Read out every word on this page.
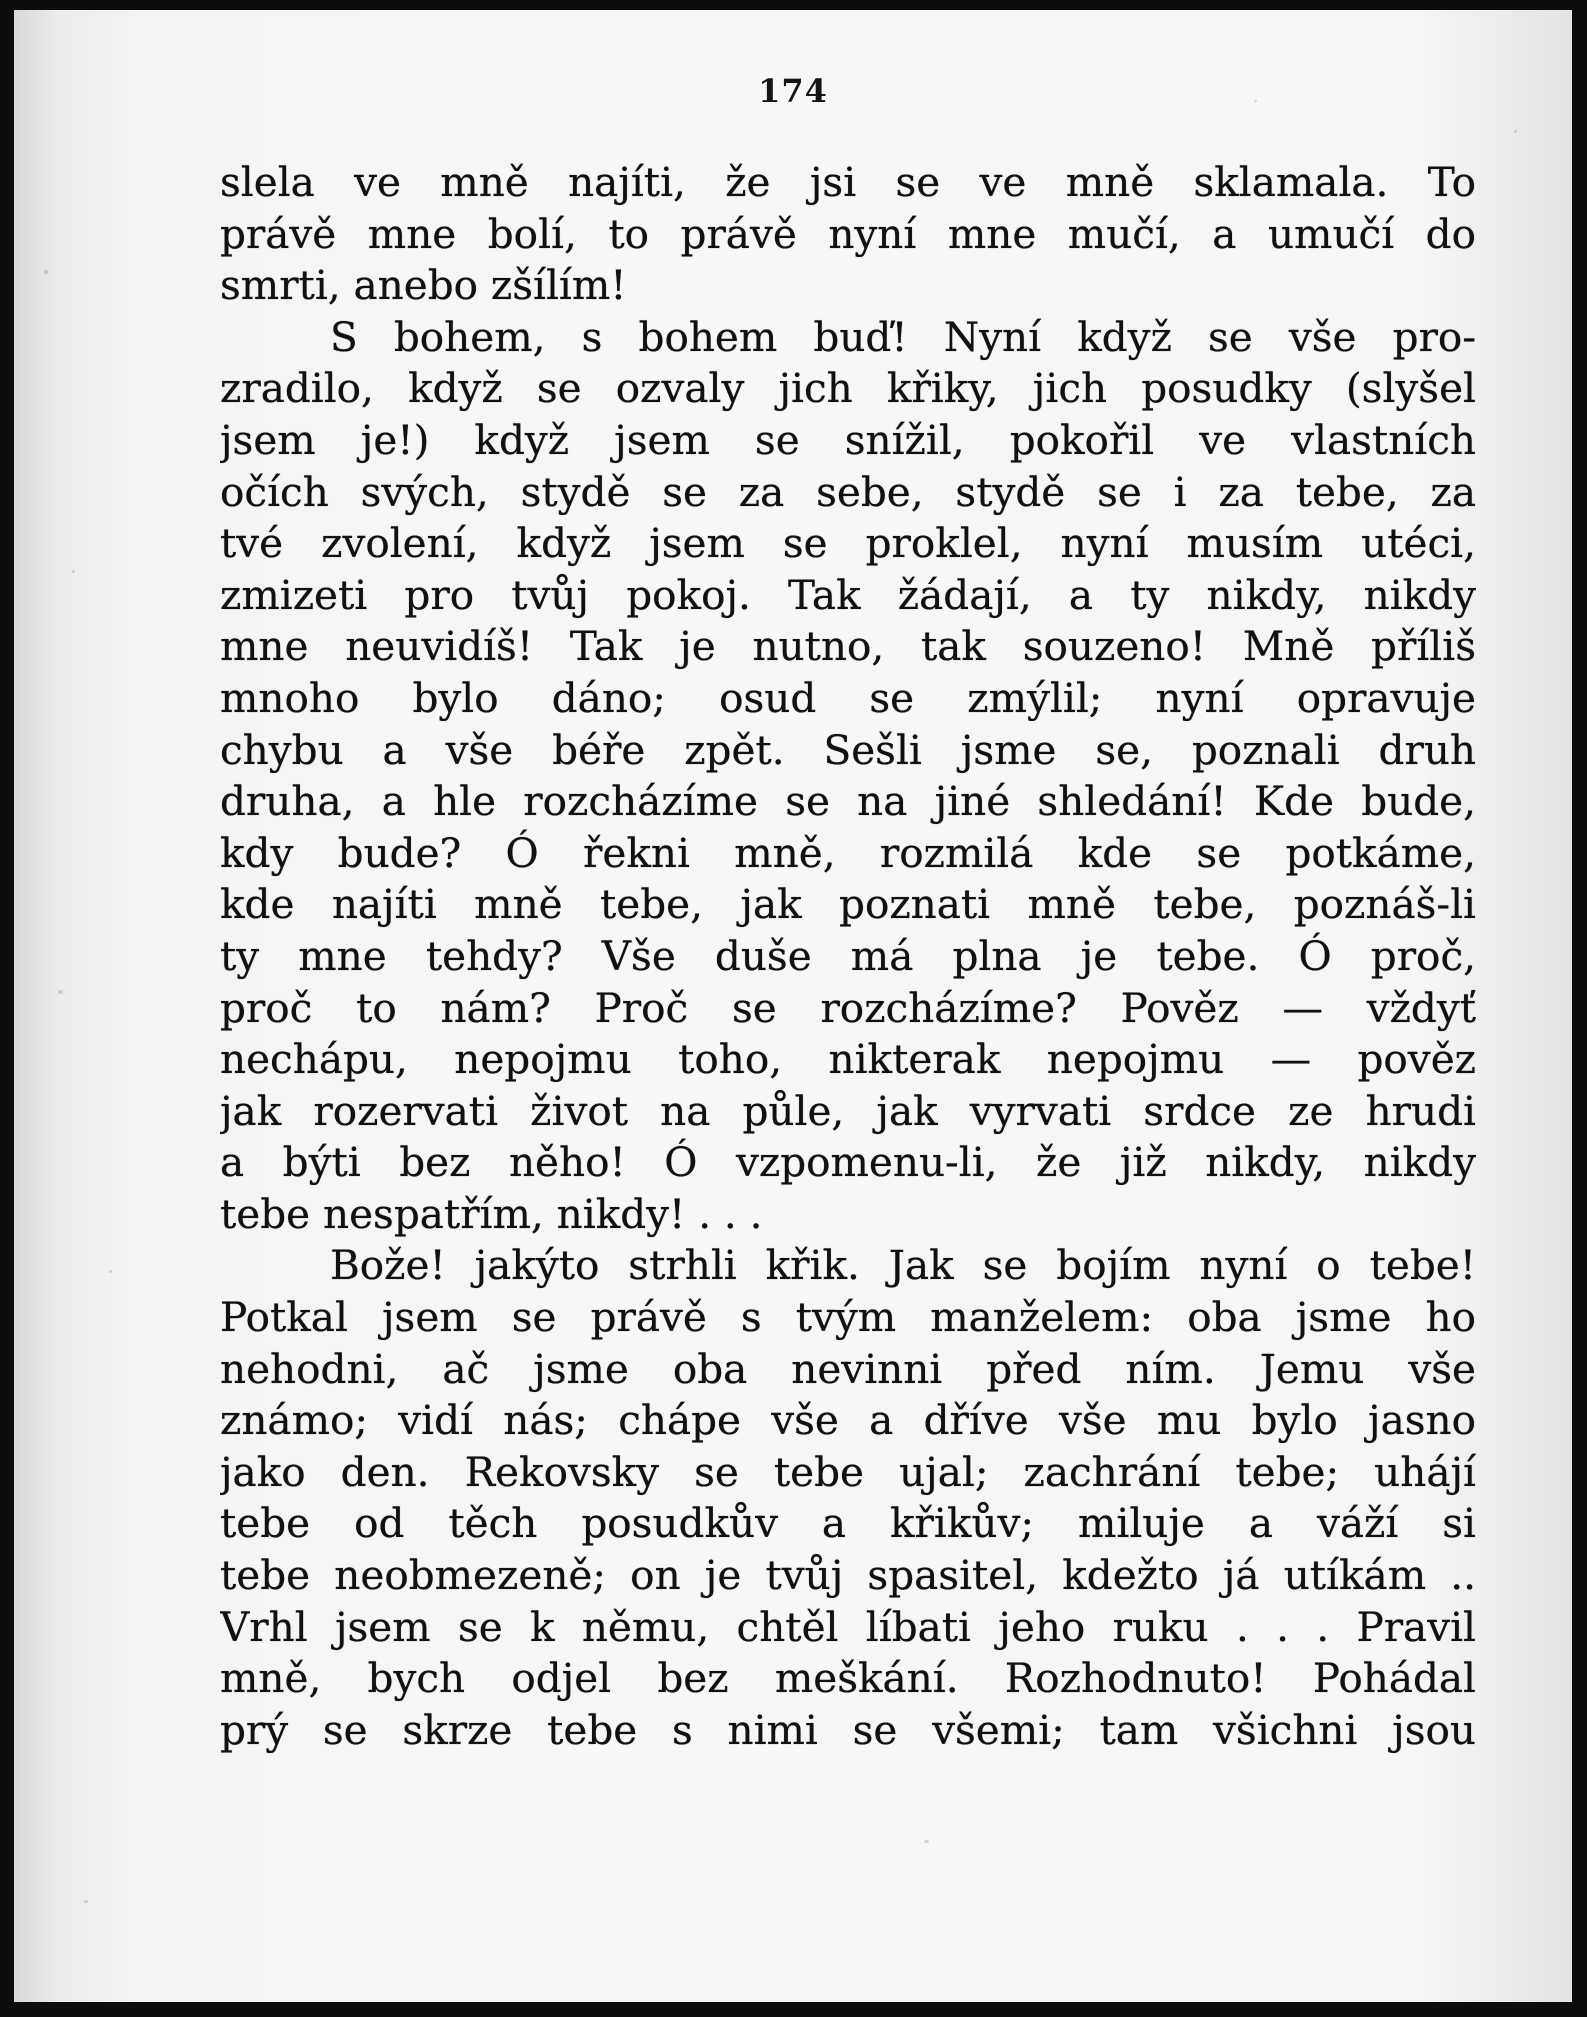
174
slela ve mně najíti, že jsi se ve mně sklamala. To
právě mne bolí, to právě nyní mne mučí, a umučí do
smrti, anebo zšílím!
S bohem, s bohem buď! Nyní když se vše pro-
zradilo, když se ozvaly jich křiky, jich posudky (slyšel
jsem je!) když jsem se snížil, pokořil ve vlastních
očích svých, stydě se za sebe, stydě se i za tebe, za
tvé zvolení, když jsem se proklel, nyní musím utéci,
zmizeti pro tvůj pokoj. Tak žádají, a ty nikdy, nikdy
mne neuvidíš! Tak je nutno, tak souzeno! Mně příliš
mnoho bylo dáno; osud se zmýlil; nyní opravuje
chybu a vše béře zpět. Sešli jsme se, poznali druh
druha, a hle rozcházíme se na jiné shledání! Kde bude,
kdy bude? Ó řekni mně, rozmilá kde se potkáme,
kde najíti mně tebe, jak poznati mně tebe, poznáš-li
ty mne tehdy? Vše duše má plna je tebe. Ó proč,
proč to nám? Proč se rozcházíme? Pověz — vždyť
nechápu, nepojmu toho, nikterak nepojmu — pověz
jak rozervati život na půle, jak vyrvati srdce ze hrudi
a býti bez něho! Ó vzpomenu-li, že již nikdy, nikdy
tebe nespatřím, nikdy! . . .
Bože! jakýto strhli křik. Jak se bojím nyní o tebe!
Potkal jsem se právě s tvým manželem: oba jsme ho
nehodni, ač jsme oba nevinni před ním. Jemu vše
známo; vidí nás; chápe vše a dříve vše mu bylo jasno
jako den. Rekovsky se tebe ujal; zachrání tebe; uhájí
tebe od těch posudkův a křikův; miluje a váží si
tebe neobmezeně; on je tvůj spasitel, kdežto já utíkám ..
Vrhl jsem se k němu, chtěl líbati jeho ruku . . . Pravil
mně, bych odjel bez meškání. Rozhodnuto! Pohádal
prý se skrze tebe s nimi se všemi; tam všichni jsou
